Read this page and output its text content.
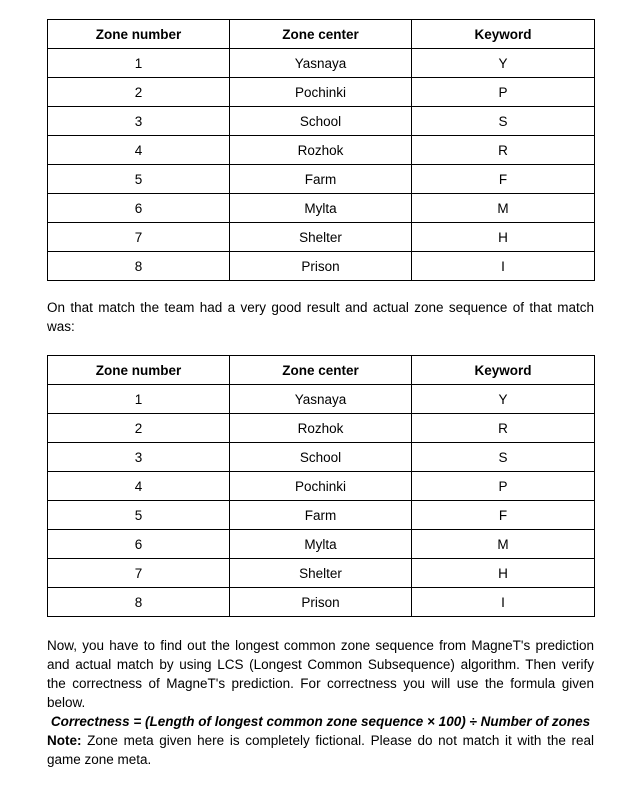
Zone number	Zone center	Keyword
1	Yasnaya	Y
2	Pochinki	P
3	School	S
4	Rozhok	R
5	Farm	F
6	Mylta	M
7	Shelter	H
8	Prison	I

On that match the team had a very good result and actual zone sequence of that match was:

Zone number	Zone center	Keyword
1	Yasnaya	Y
2	Rozhok	R
3	School	S
4	Pochinki	P
5	Farm	F
6	Mylta	M
7	Shelter	H
8	Prison	I

Now, you have to find out the longest common zone sequence from MagneT's prediction and actual match by using LCS (Longest Common Subsequence) algorithm. Then verify the correctness of MagneT's prediction. For correctness you will use the formula given below.

Correctness = (Length of longest common zone sequence × 100) ÷ Number of zones

Note: Zone meta given here is completely fictional. Please do not match it with the real game zone meta.
